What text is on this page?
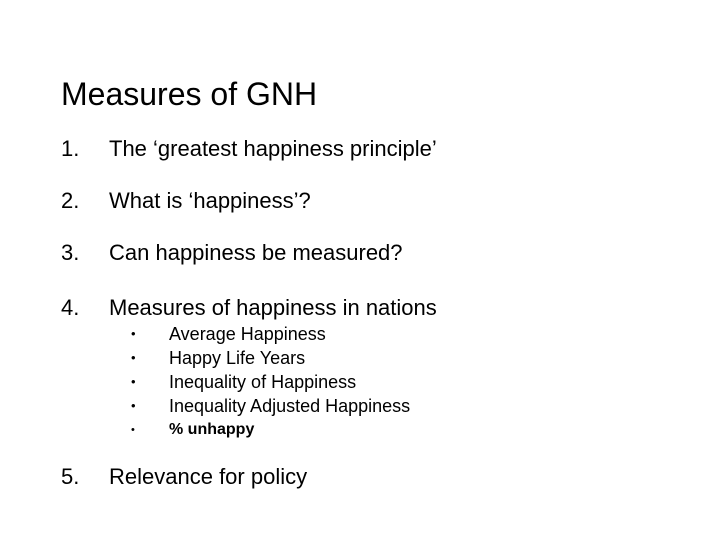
Measures of GNH
1. The ‘greatest happiness principle’
2. What is ‘happiness’?
3. Can happiness be measured?
4. Measures of happiness in nations
• Average Happiness
• Happy Life Years
• Inequality of Happiness
• Inequality Adjusted Happiness
• % unhappy
5. Relevance for policy
